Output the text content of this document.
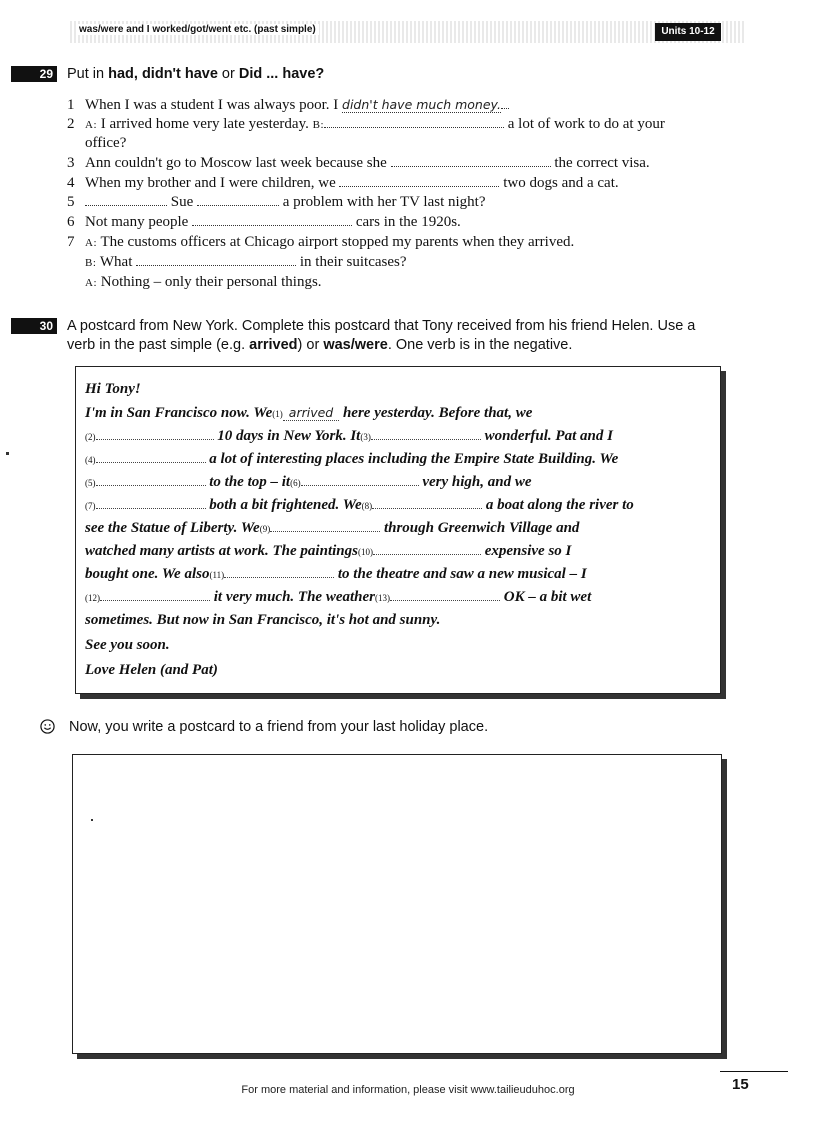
was/were and I worked/got/went etc. (past simple)	Units 10-12
29 Put in had, didn't have or Did ... have?
1 When I was a student I was always poor. I didn't have much money.
2 A: I arrived home very late yesterday. B:	a lot of work to do at your
office?
3 Ann couldn't go to Moscow last week because she	the correct visa.
4 When my brother and I were children, we	two dogs and a cat.
5	Sue	a problem with her TV last night?
6 Not many people	cars in the 1920s.
7 A: The customs officers at Chicago airport stopped my parents when they arrived.
B: What	in their suitcases?
A: Nothing – only their personal things.
30 A postcard from New York. Complete this postcard that Tony received from his friend Helen. Use a
verb in the past simple (e.g. arrived) or was/were. One verb is in the negative.
Hi Tony!
I'm in San Francisco now. We(1) arrived here yesterday. Before that, we
(2)	10 days in New York. It(3)	wonderful. Pat and I
(4)	a lot of interesting places including the Empire State Building. We
(5)	to the top – it(6)	very high, and we
(7)	both a bit frightened. We(8)	a boat along the river to
see the Statue of Liberty. We(9)	through Greenwich Village and
watched many artists at work. The paintings(10)	expensive so I
bought one. We also(11)	to the theatre and saw a new musical – I
(12)	it very much. The weather(13)	OK – a bit wet
sometimes. But now in San Francisco, it's hot and sunny.
See you soon.
Love Helen (and Pat)
Now, you write a postcard to a friend from your last holiday place.
15
For more material and information, please visit www.tailieuduhoc.org
